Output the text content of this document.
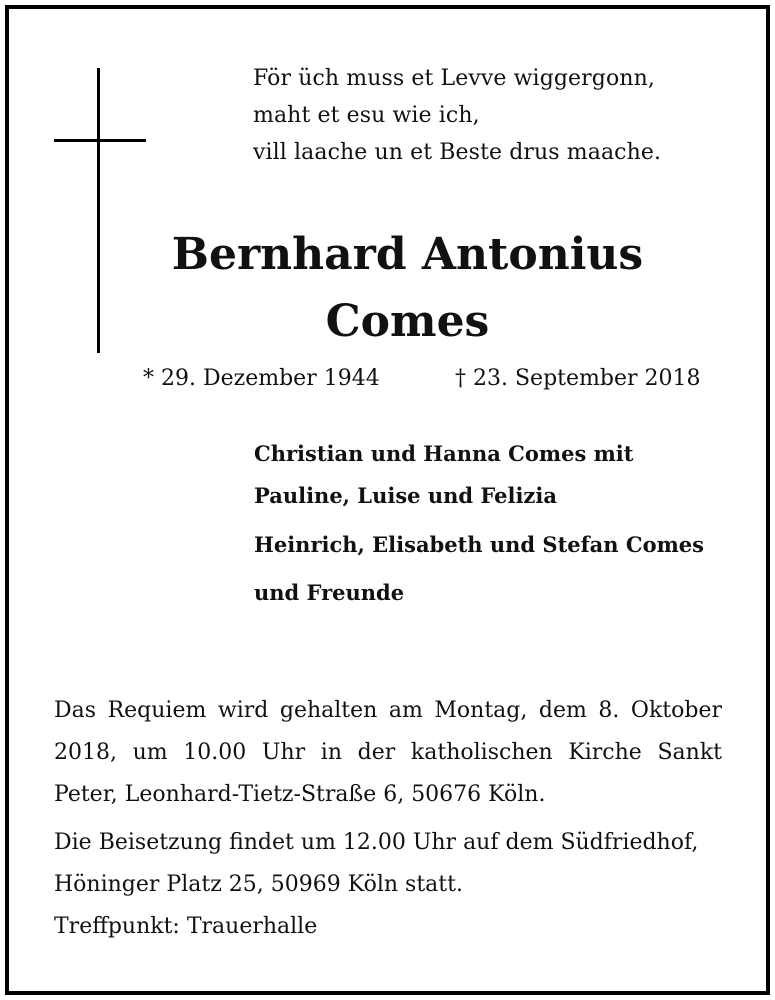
För üch muss et Levve wiggergonn,
maht et esu wie ich,
vill laache un et Beste drus maache.
Bernhard Antonius
Comes
* 29. Dezember 1944	† 23. September 2018
Christian und Hanna Comes mit
Pauline, Luise und Felizia
Heinrich, Elisabeth und Stefan Comes
und Freunde
Das Requiem wird gehalten am Montag, dem 8. Oktober 2018, um 10.00 Uhr in der katholischen Kirche Sankt Peter, Leonhard-Tietz-Straße 6, 50676 Köln.
Die Beisetzung findet um 12.00 Uhr auf dem Südfriedhof,
Höninger Platz 25, 50969 Köln statt.
Treffpunkt: Trauerhalle
